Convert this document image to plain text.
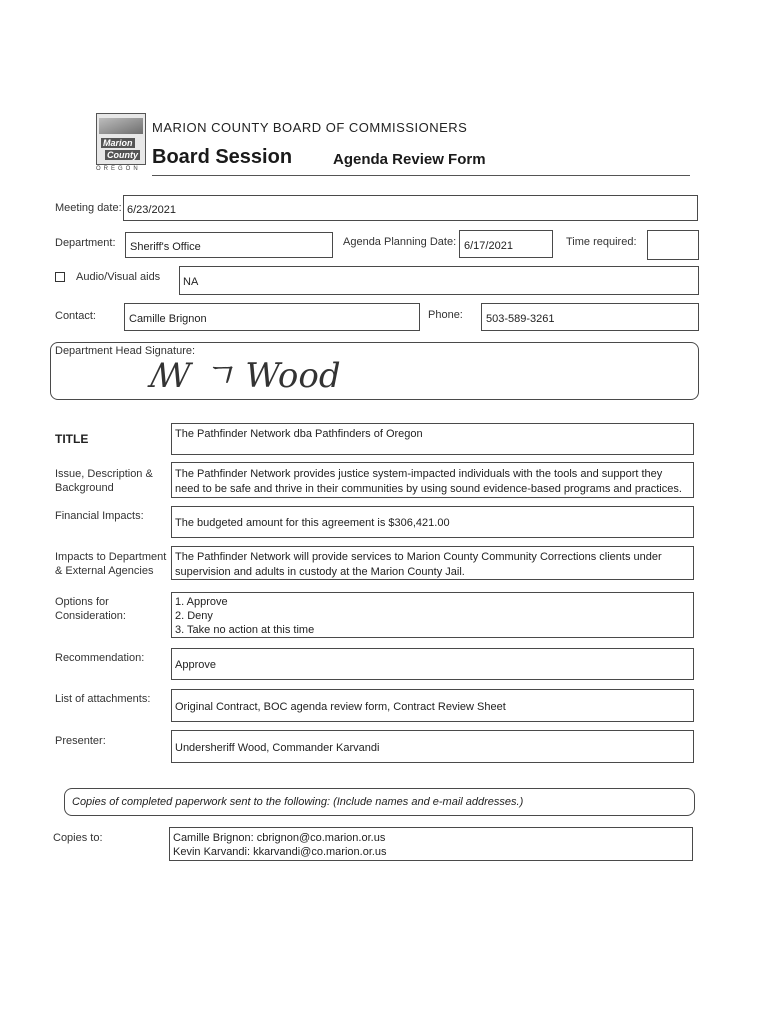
Marion
County
OREGON
MARION COUNTY BOARD OF COMMISSIONERS
Board Session	Agenda Review Form
Meeting date: 6/23/2021
Department: Sheriff's Office	Agenda Planning Date: 6/17/2021	Time required:
Audio/Visual aids NA
Contact:	Camille Brignon	Phone: 503-589-3261
Department Head Signature:
ꟿ ㄱ Wood
TITLE	The Pathfinder Network dba Pathfinders of Oregon
Issue, Description &
Background
The Pathfinder Network provides justice system-impacted individuals with the tools and support they
need to be safe and thrive in their communities by using sound evidence-based programs and practices.
Financial Impacts:
The budgeted amount for this agreement is $306,421.00
Impacts to Department
& External Agencies
The Pathfinder Network will provide services to Marion County Community Corrections clients under
supervision and adults in custody at the Marion County Jail.
Options for
Consideration:
1. Approve
2. Deny
3. Take no action at this time
Recommendation:
Approve
List of attachments:
Original Contract, BOC agenda review form, Contract Review Sheet
Presenter:
Undersheriff Wood, Commander Karvandi
Copies of completed paperwork sent to the following: (Include names and e-mail addresses.)
Copies to:	Camille Brignon: cbrignon@co.marion.or.us
Kevin Karvandi: kkarvandi@co.marion.or.us
